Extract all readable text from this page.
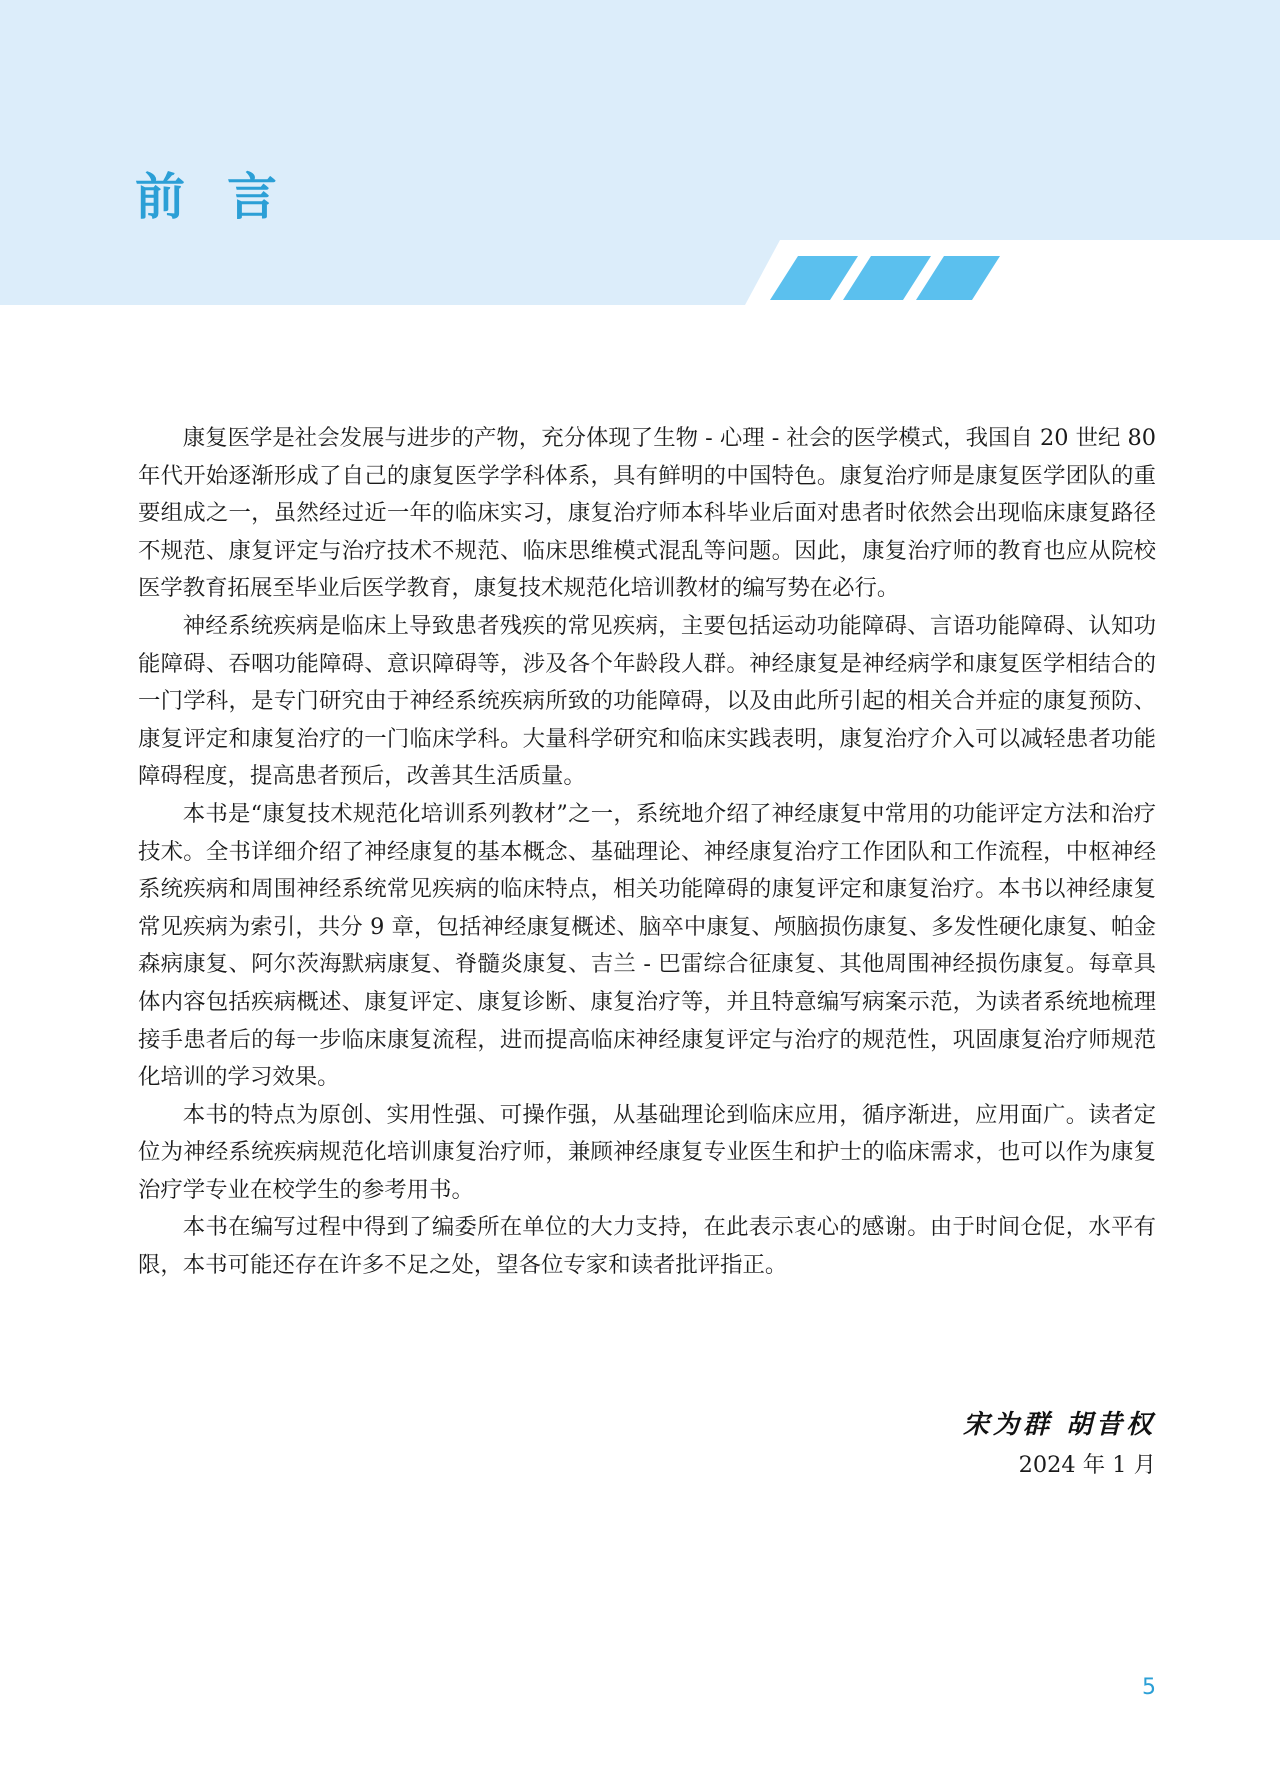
前言

康复医学是社会发展与进步的产物，充分体现了生物 - 心理 - 社会的医学模式，我国自 20 世纪 80 年代开始逐渐形成了自己的康复医学学科体系，具有鲜明的中国特色。康复治疗师是康复医学团队的重要组成之一，虽然经过近一年的临床实习，康复治疗师本科毕业后面对患者时依然会出现临床康复路径不规范、康复评定与治疗技术不规范、临床思维模式混乱等问题。因此，康复治疗师的教育也应从院校医学教育拓展至毕业后医学教育，康复技术规范化培训教材的编写势在必行。

神经系统疾病是临床上导致患者残疾的常见疾病，主要包括运动功能障碍、言语功能障碍、认知功能障碍、吞咽功能障碍、意识障碍等，涉及各个年龄段人群。神经康复是神经病学和康复医学相结合的一门学科，是专门研究由于神经系统疾病所致的功能障碍，以及由此所引起的相关合并症的康复预防、康复评定和康复治疗的一门临床学科。大量科学研究和临床实践表明，康复治疗介入可以减轻患者功能障碍程度，提高患者预后，改善其生活质量。

本书是“康复技术规范化培训系列教材”之一，系统地介绍了神经康复中常用的功能评定方法和治疗技术。全书详细介绍了神经康复的基本概念、基础理论、神经康复治疗工作团队和工作流程，中枢神经系统疾病和周围神经系统常见疾病的临床特点，相关功能障碍的康复评定和康复治疗。本书以神经康复常见疾病为索引，共分 9 章，包括神经康复概述、脑卒中康复、颅脑损伤康复、多发性硬化康复、帕金森病康复、阿尔茨海默病康复、脊髓炎康复、吉兰 - 巴雷综合征康复、其他周围神经损伤康复。每章具体内容包括疾病概述、康复评定、康复诊断、康复治疗等，并且特意编写病案示范，为读者系统地梳理接手患者后的每一步临床康复流程，进而提高临床神经康复评定与治疗的规范性，巩固康复治疗师规范化培训的学习效果。

本书的特点为原创、实用性强、可操作强，从基础理论到临床应用，循序渐进，应用面广。读者定位为神经系统疾病规范化培训康复治疗师，兼顾神经康复专业医生和护士的临床需求，也可以作为康复治疗学专业在校学生的参考用书。

本书在编写过程中得到了编委所在单位的大力支持，在此表示衷心的感谢。由于时间仓促，水平有限，本书可能还存在许多不足之处，望各位专家和读者批评指正。

宋为群 胡昔权
2024 年 1 月
5
